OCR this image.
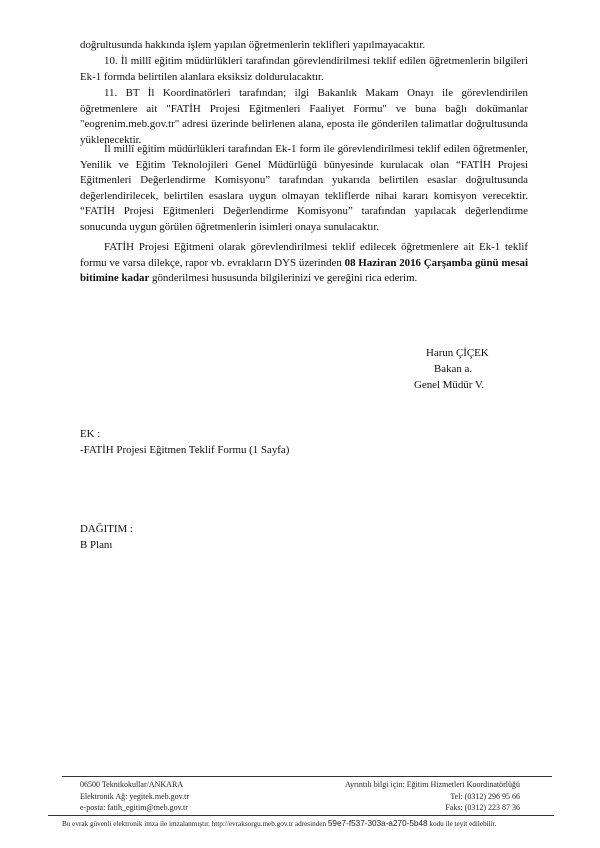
doğrultusunda hakkında işlem yapılan öğretmenlerin teklifleri yapılmayacaktır.

10. İl millî eğitim müdürlükleri tarafından görevlendirilmesi teklif edilen öğretmenlerin bilgileri Ek-1 formda belirtilen alanlara eksiksiz doldurulacaktır.

11. BT İl Koordinatörleri tarafından; ilgi Bakanlık Makam Onayı ile görevlendirilen öğretmenlere ait "FATİH Projesi Eğitmenleri Faaliyet Formu" ve buna bağlı dokümanlar "eogrenim.meb.gov.tr" adresi üzerinde belirlenen alana, eposta ile gönderilen talimatlar doğrultusunda yüklenecektir.

İl millî eğitim müdürlükleri tarafından Ek-1 form ile görevlendirilmesi teklif edilen öğretmenler, Yenilik ve Eğitim Teknolojileri Genel Müdürlüğü bünyesinde kurulacak olan “FATİH Projesi Eğitmenleri Değerlendirme Komisyonu” tarafından yukarıda belirtilen esaslar doğrultusunda değerlendirilecek, belirtilen esaslara uygun olmayan tekliflerde nihai kararı komisyon verecektir. “FATİH Projesi Eğitmenleri Değerlendirme Komisyonu” tarafından yapılacak değerlendirme sonucunda uygun görülen öğretmenlerin isimleri onaya sunulacaktır.

FATİH Projesi Eğitmeni olarak görevlendirilmesi teklif edilecek öğretmenlere ait Ek-1 teklif formu ve varsa dilekçe, rapor vb. evrakların DYS üzerinden 08 Haziran 2016 Çarşamba günü mesai bitimine kadar gönderilmesi hususunda bilgilerinizi ve gereğini rica ederim.

Harun ÇİÇEK
Bakan a.
Genel Müdür V.
EK :
-FATİH Projesi Eğitmen Teklif Formu (1 Sayfa)
DAĞITIM :
B Planı
06500 Teknikokullar/ANKARA
Elektronik Ağ: yegitek.meb.gov.tr
e-posta: fatih_egitim@meb.gov.tr
Ayrıntılı bilgi için: Eğitim Hizmetleri Koordinatörlüğü
Tel: (0312) 296 95 66
Faks: (0312) 223 87 36
Bu evrak güvenli elektronik imza ile imzalanmıştır. http://evraksorgu.meb.gov.tr adresinden 59e7-f537-303a-a270-5b48 kodu ile teyit edilebilir.
